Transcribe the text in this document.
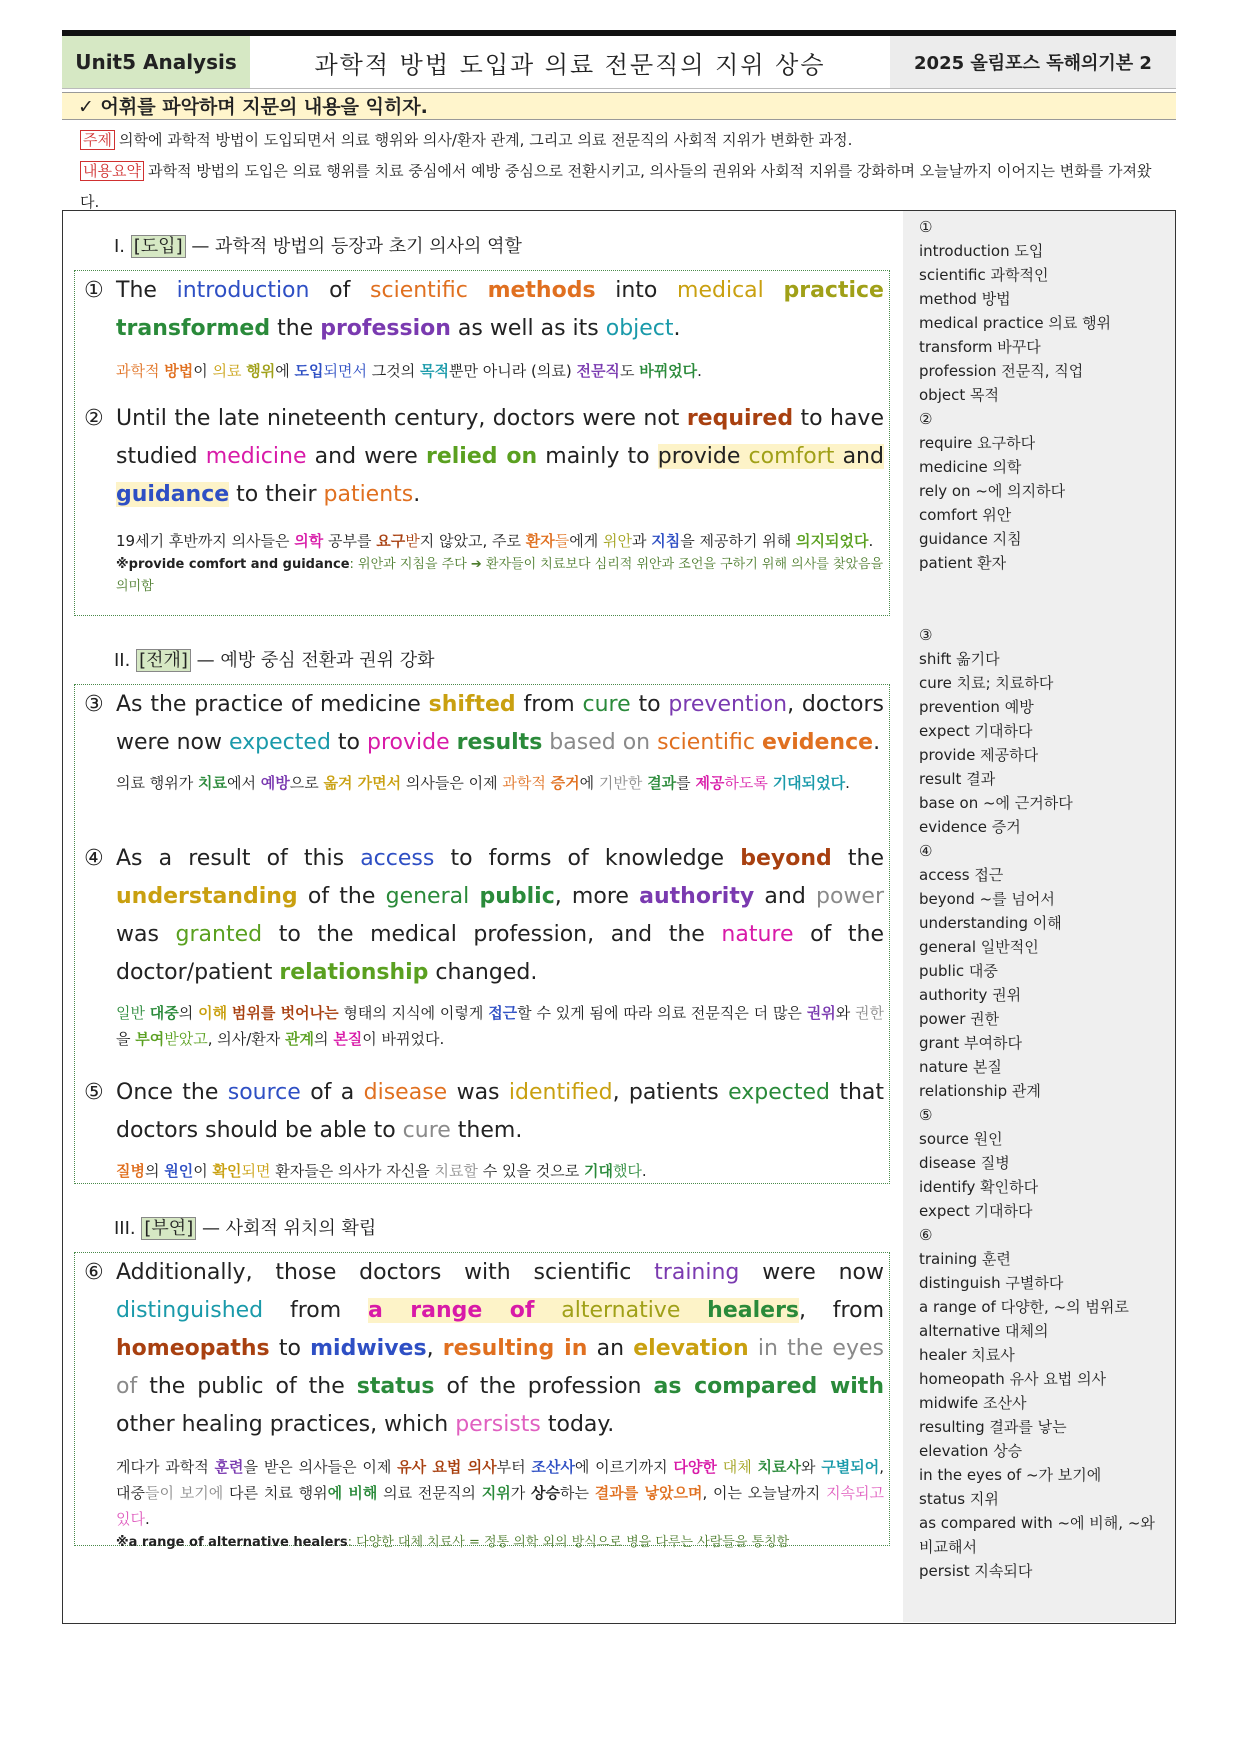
Unit5 Analysis	과학적 방법 도입과 의료 전문직의 지위 상승	2025 올림포스 독해의기본 2
✓ 어휘를 파악하며 지문의 내용을 익히자.
주제 의학에 과학적 방법이 도입되면서 의료 행위와 의사/환자 관계, 그리고 의료 전문직의 사회적 지위가 변화한 과정.
내용요약 과학적 방법의 도입은 의료 행위를 치료 중심에서 예방 중심으로 전환시키고, 의사들의 권위와 사회적 지위를 강화하며 오늘날까지 이어지는 변화를 가져왔다.
I. [도입] — 과학적 방법의 등장과 초기 의사의 역할
① The introduction of scientific methods into medical practice transformed the profession as well as its object.
과학적 방법이 의료 행위에 도입되면서 그것의 목적뿐만 아니라 (의료) 전문직도 바뀌었다.
② Until the late nineteenth century, doctors were not required to have studied medicine and were relied on mainly to provide comfort and guidance to their patients.
19세기 후반까지 의사들은 의학 공부를 요구받지 않았고, 주로 환자들에게 위안과 지침을 제공하기 위해 의지되었다.
※provide comfort and guidance: 위안과 지침을 주다 ➔ 환자들이 치료보다 심리적 위안과 조언을 구하기 위해 의사를 찾았음을 의미함
II. [전개] — 예방 중심 전환과 권위 강화
③ As the practice of medicine shifted from cure to prevention, doctors were now expected to provide results based on scientific evidence.
의료 행위가 치료에서 예방으로 옮겨 가면서 의사들은 이제 과학적 증거에 기반한 결과를 제공하도록 기대되었다.
④ As a result of this access to forms of knowledge beyond the understanding of the general public, more authority and power was granted to the medical profession, and the nature of the doctor/patient relationship changed.
일반 대중의 이해 범위를 벗어나는 형태의 지식에 이렇게 접근할 수 있게 됨에 따라 의료 전문직은 더 많은 권위와 권한을 부여받았고, 의사/환자 관계의 본질이 바뀌었다.
⑤ Once the source of a disease was identified, patients expected that doctors should be able to cure them.
질병의 원인이 확인되면 환자들은 의사가 자신을 치료할 수 있을 것으로 기대했다.
III. [부연] — 사회적 위치의 확립
⑥ Additionally, those doctors with scientific training were now distinguished from a range of alternative healers, from homeopaths to midwives, resulting in an elevation in the eyes of the public of the status of the profession as compared with other healing practices, which persists today.
게다가 과학적 훈련을 받은 의사들은 이제 유사 요법 의사부터 조산사에 이르기까지 다양한 대체 치료사와 구별되어, 대중들이 보기에 다른 치료 행위에 비해 의료 전문직의 지위가 상승하는 결과를 낳았으며, 이는 오늘날까지 지속되고 있다.
※a range of alternative healers: 다양한 대체 치료사 = 정통 의학 외의 방식으로 병을 다루는 사람들을 통칭함
①
introduction 도입
scientific 과학적인
method 방법
medical practice 의료 행위
transform 바꾸다
profession 전문직, 직업
object 목적
②
require 요구하다
medicine 의학
rely on ~에 의지하다
comfort 위안
guidance 지침
patient 환자
③
shift 옮기다
cure 치료; 치료하다
prevention 예방
expect 기대하다
provide 제공하다
result 결과
base on ~에 근거하다
evidence 증거
④
access 접근
beyond ~를 넘어서
understanding 이해
general 일반적인
public 대중
authority 권위
power 권한
grant 부여하다
nature 본질
relationship 관계
⑤
source 원인
disease 질병
identify 확인하다
expect 기대하다
⑥
training 훈련
distinguish 구별하다
a range of 다양한, ~의 범위로
alternative 대체의
healer 치료사
homeopath 유사 요법 의사
midwife 조산사
resulting 결과를 낳는
elevation 상승
in the eyes of ~가 보기에
status 지위
as compared with ~에 비해, ~와 비교해서
persist 지속되다
